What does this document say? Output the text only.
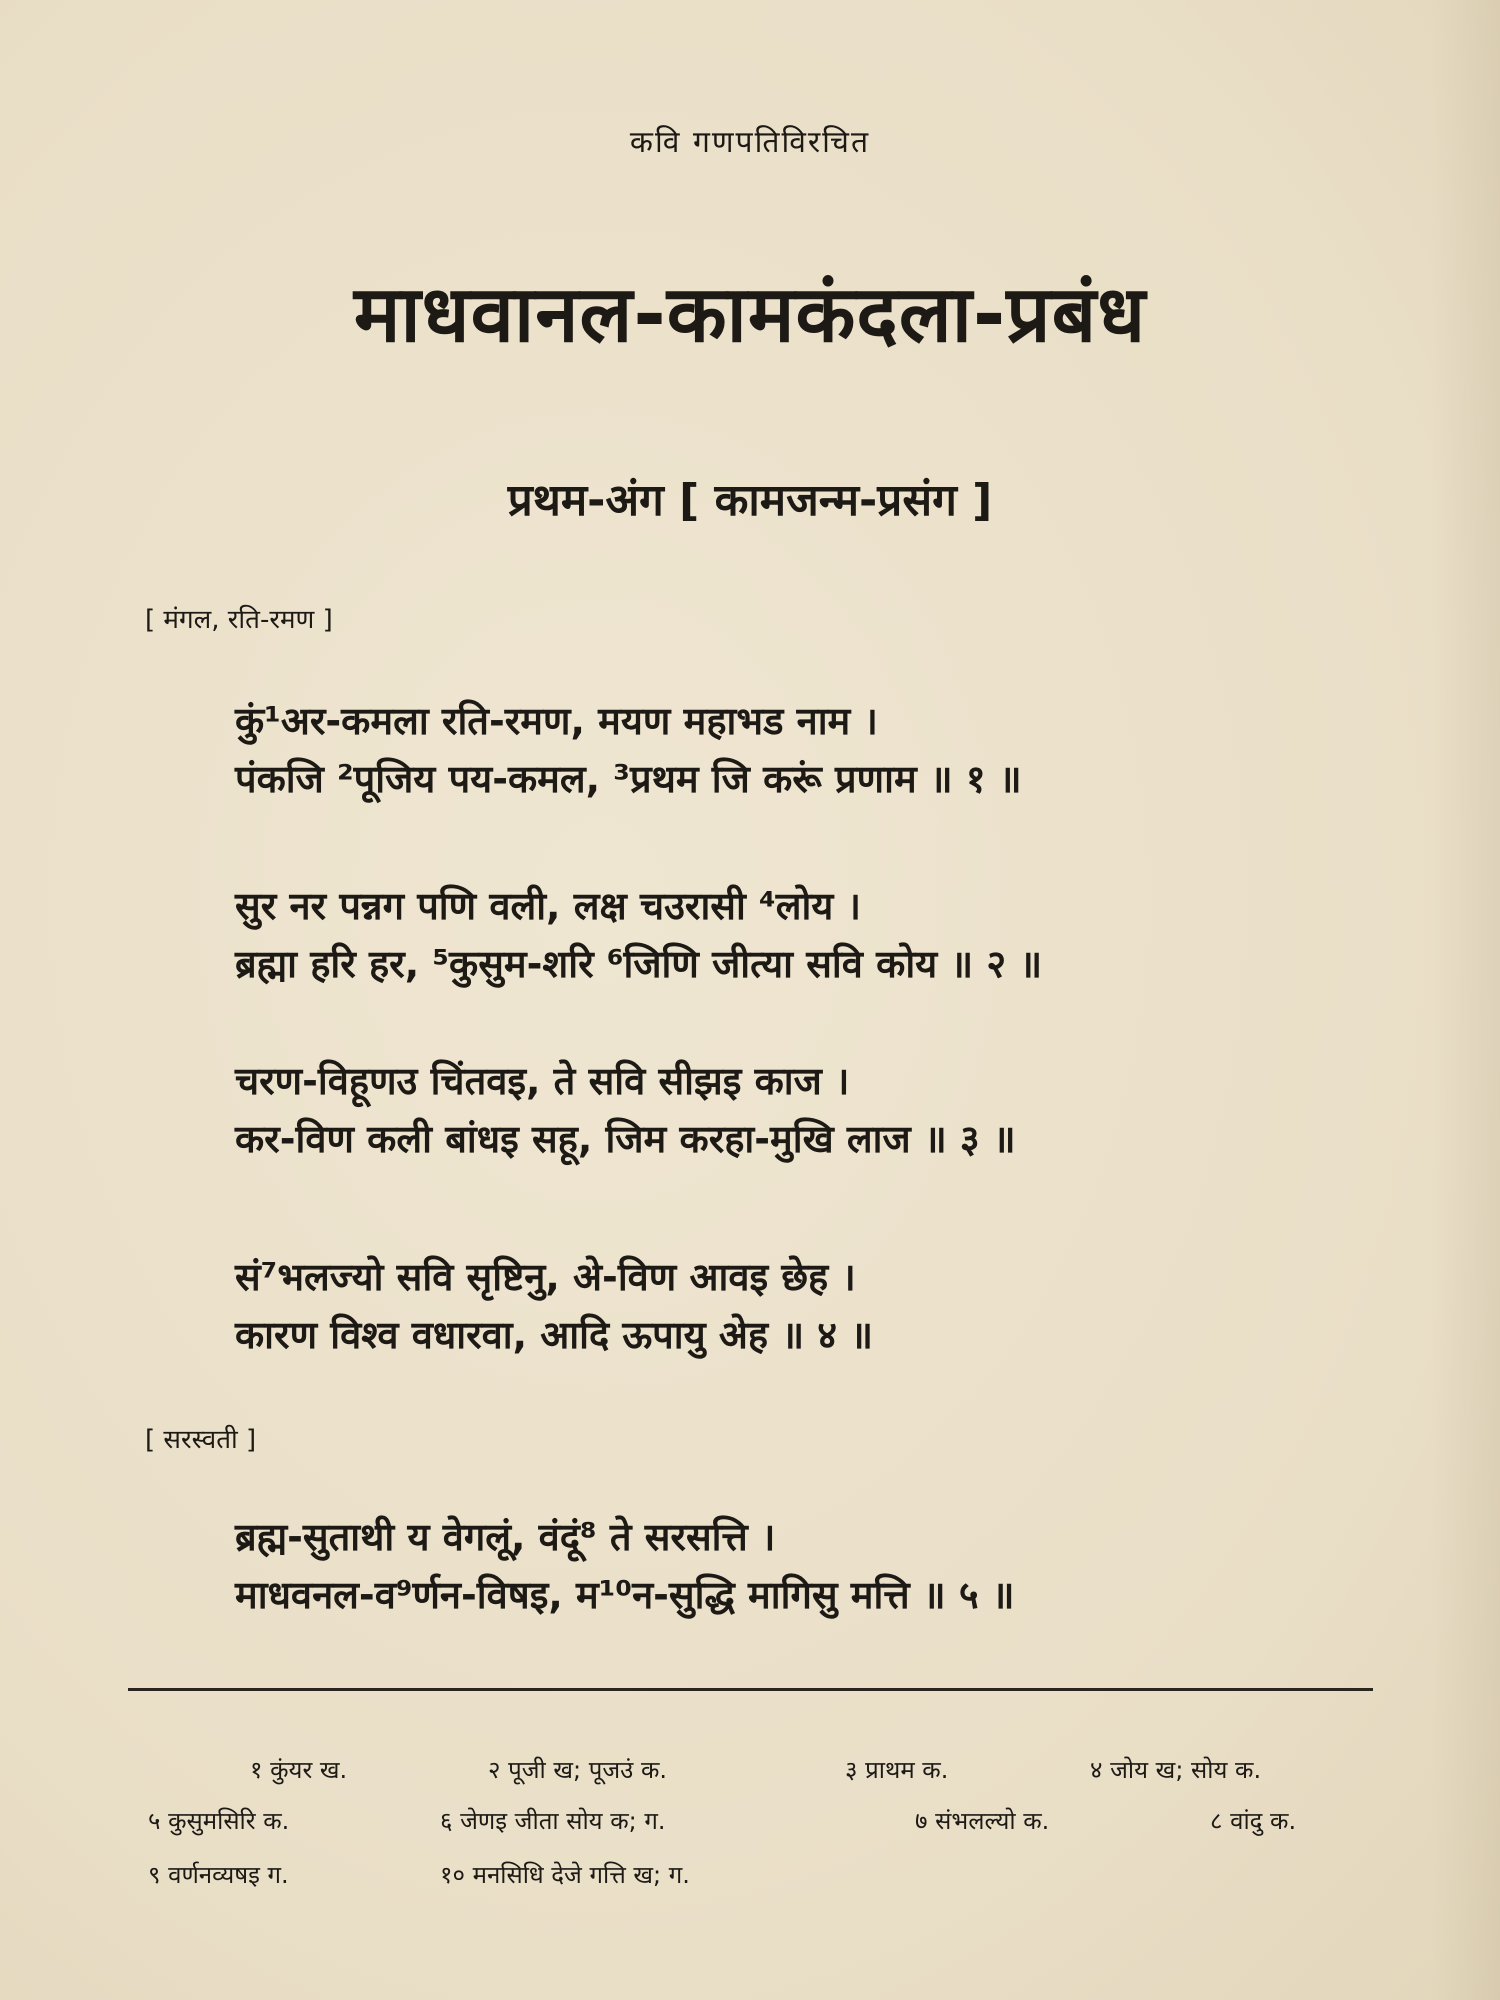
कवि गणपतिविरचित
माधवानल-कामकंदला-प्रबंध
प्रथम-अंग [ कामजन्म-प्रसंग ]
[ मंगल, रति-रमण ]
कुं¹अर-कमला रति-रमण, मयण महाभड नाम ।
पंकजि ²पूजिय पय-कमल, ³प्रथम जि करूं प्रणाम ॥ १ ॥
सुर नर पन्नग पणि वली, लक्ष चउरासी ⁴लोय ।
ब्रह्मा हरि हर, ⁵कुसुम-शरि ⁶जिणि जीत्या सवि कोय ॥ २ ॥
चरण-विहूणउ चिंतवइ, ते सवि सीझइ काज ।
कर-विण कली बांधइ सहू, जिम करहा-मुखि लाज ॥ ३ ॥
सं⁷भलज्यो सवि सृष्टिनु, अे-विण आवइ छेह ।
कारण विश्व वधारवा, आदि ऊपायु अेह ॥ ४ ॥
[ सरस्वती ]
ब्रह्म-सुताथी य वेगलूं, वंदूं⁸ ते सरसत्ति ।
माधवनल-व⁹र्णन-विषइ, म¹⁰न-सुद्धि मागिसु मत्ति ॥ ५ ॥
१ कुंयर ख.	२ पूजी ख; पूजउं क.	३ प्राथम क.	४ जोय ख; सोय क.
५ कुसुमसिरि क.	६ जेणइ जीता सोय क; ग.	७ संभलल्यो क.	८ वांदु क.
९ वर्णनव्यषइ ग.	१० मनसिधि देजे गत्ति ख; ग.
